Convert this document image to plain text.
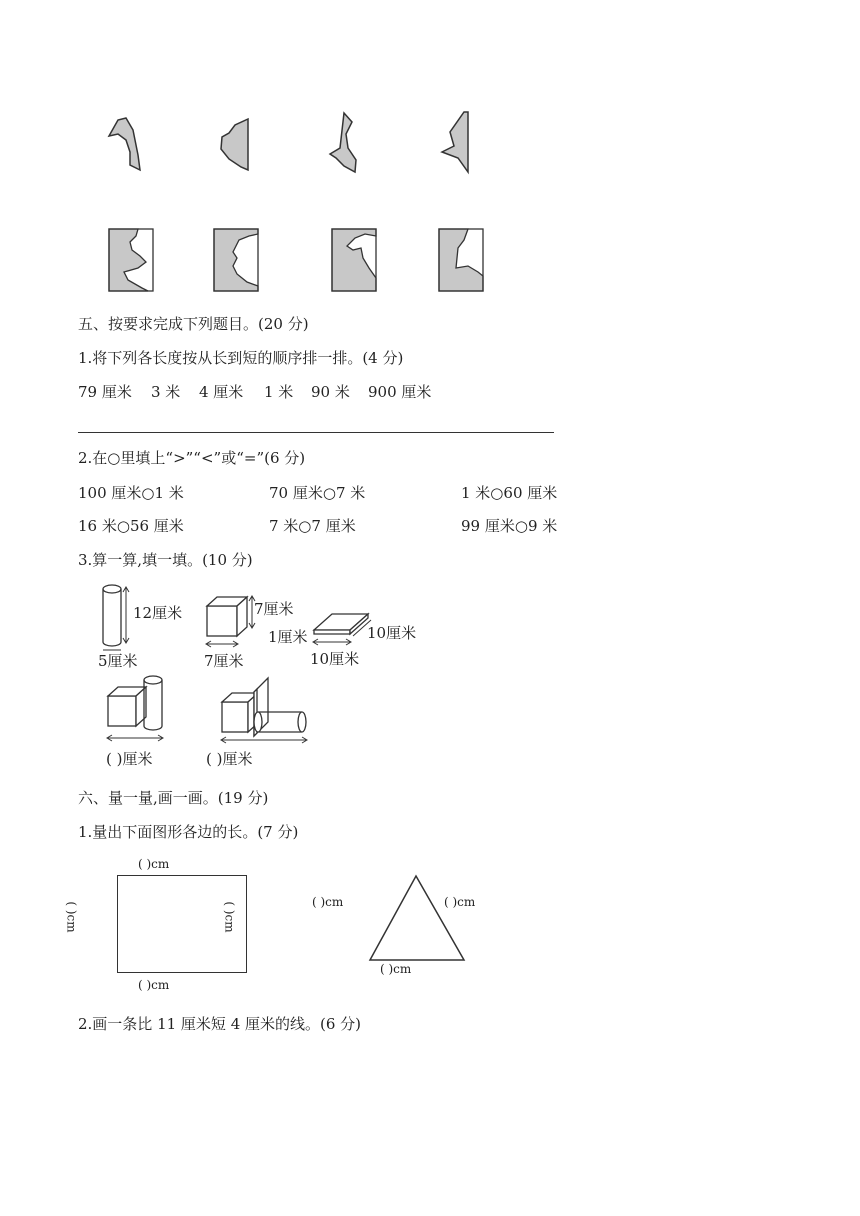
五、按要求完成下列题目。(20 分)
1.将下列各长度按从长到短的顺序排一排。(4 分)
79 厘米 3 米 4 厘米 1 米 90 米 900 厘米
2.在○里填上“>”“<”或“=”(6 分)
100 厘米○1 米	70 厘米○7 米	1 米○60 厘米
16 米○56 厘米	7 米○7 厘米	99 厘米○9 米
3.算一算,填一填。(10 分)
12厘米
5厘米
7厘米
7厘米
1厘米	10厘米
10厘米
( )厘米	( )厘米
六、量一量,画一画。(19 分)
1.量出下面图形各边的长。(7 分)
( )cm
( )cm
( )cm	( )cm	( )cm	( )cm
( )cm
2.画一条比 11 厘米短 4 厘米的线。(6 分)
